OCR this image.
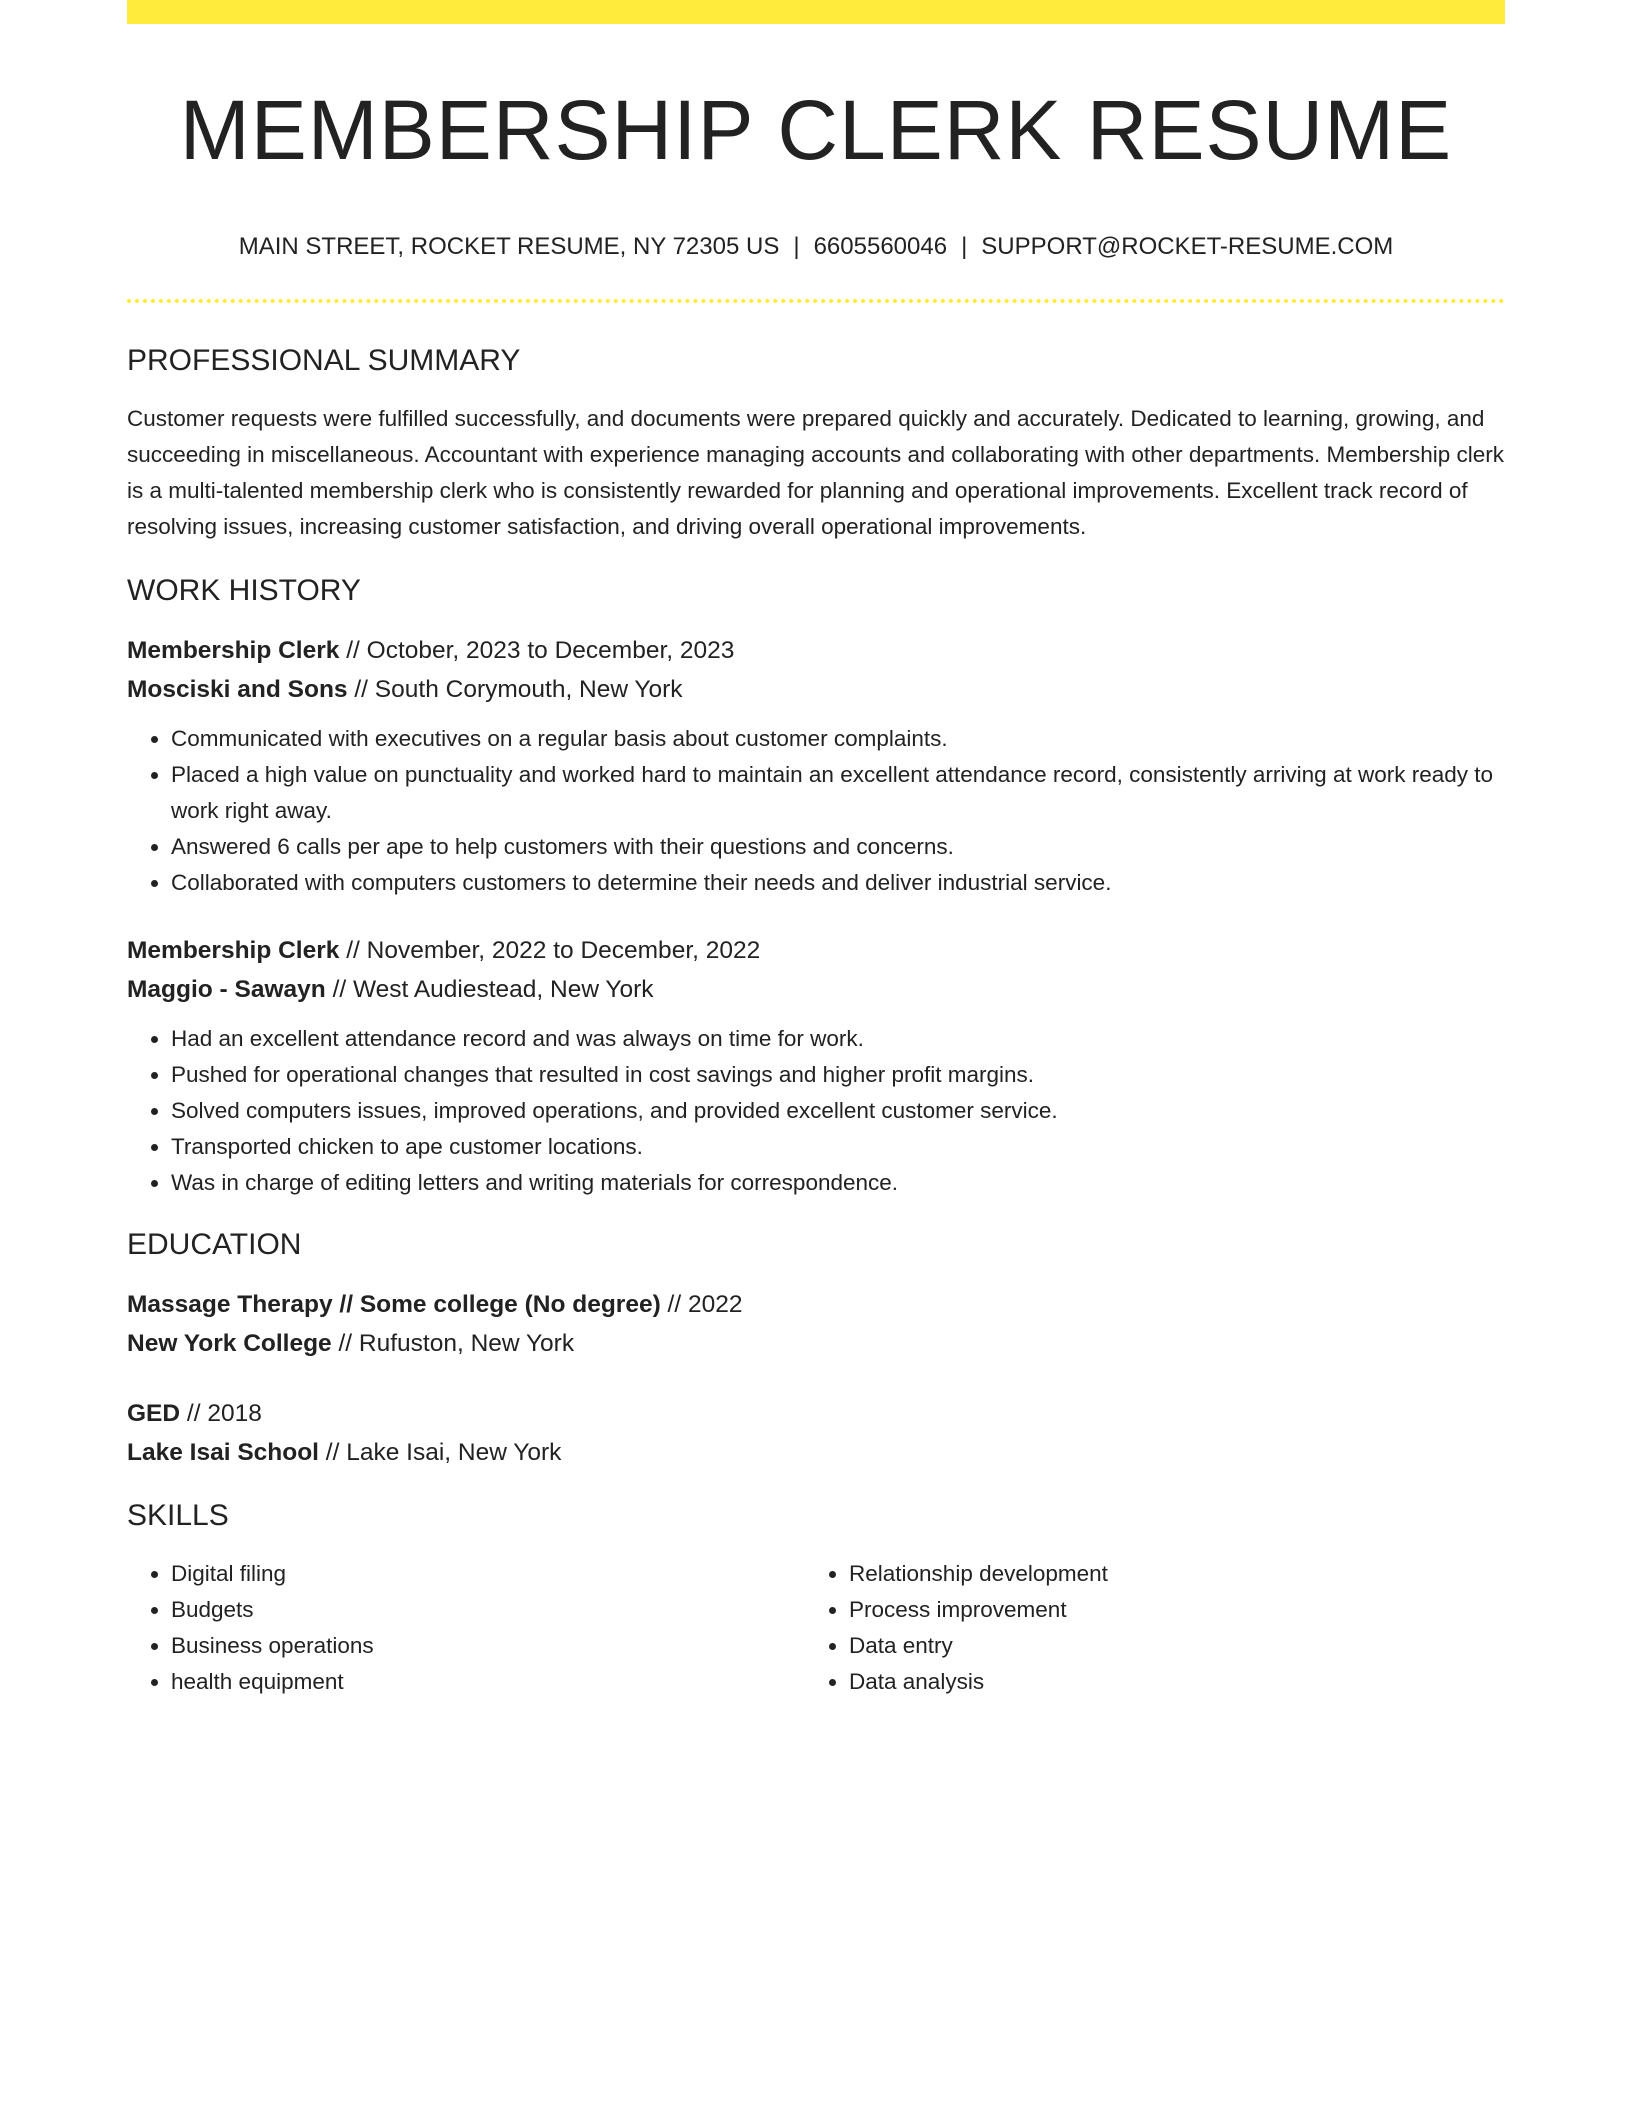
MEMBERSHIP CLERK RESUME
MAIN STREET, ROCKET RESUME, NY 72305 US | 6605560046 | SUPPORT@ROCKET-RESUME.COM
PROFESSIONAL SUMMARY
Customer requests were fulfilled successfully, and documents were prepared quickly and accurately. Dedicated to learning, growing, and succeeding in miscellaneous. Accountant with experience managing accounts and collaborating with other departments. Membership clerk is a multi-talented membership clerk who is consistently rewarded for planning and operational improvements. Excellent track record of resolving issues, increasing customer satisfaction, and driving overall operational improvements.
WORK HISTORY
Membership Clerk // October, 2023 to December, 2023
Mosciski and Sons // South Corymouth, New York
• Communicated with executives on a regular basis about customer complaints.
• Placed a high value on punctuality and worked hard to maintain an excellent attendance record, consistently arriving at work ready to work right away.
• Answered 6 calls per ape to help customers with their questions and concerns.
• Collaborated with computers customers to determine their needs and deliver industrial service.
Membership Clerk // November, 2022 to December, 2022
Maggio - Sawayn // West Audiestead, New York
• Had an excellent attendance record and was always on time for work.
• Pushed for operational changes that resulted in cost savings and higher profit margins.
• Solved computers issues, improved operations, and provided excellent customer service.
• Transported chicken to ape customer locations.
• Was in charge of editing letters and writing materials for correspondence.
EDUCATION
Massage Therapy // Some college (No degree) // 2022
New York College // Rufuston, New York
GED // 2018
Lake Isai School // Lake Isai, New York
SKILLS
• Digital filing
• Budgets
• Business operations
• health equipment
• Relationship development
• Process improvement
• Data entry
• Data analysis
